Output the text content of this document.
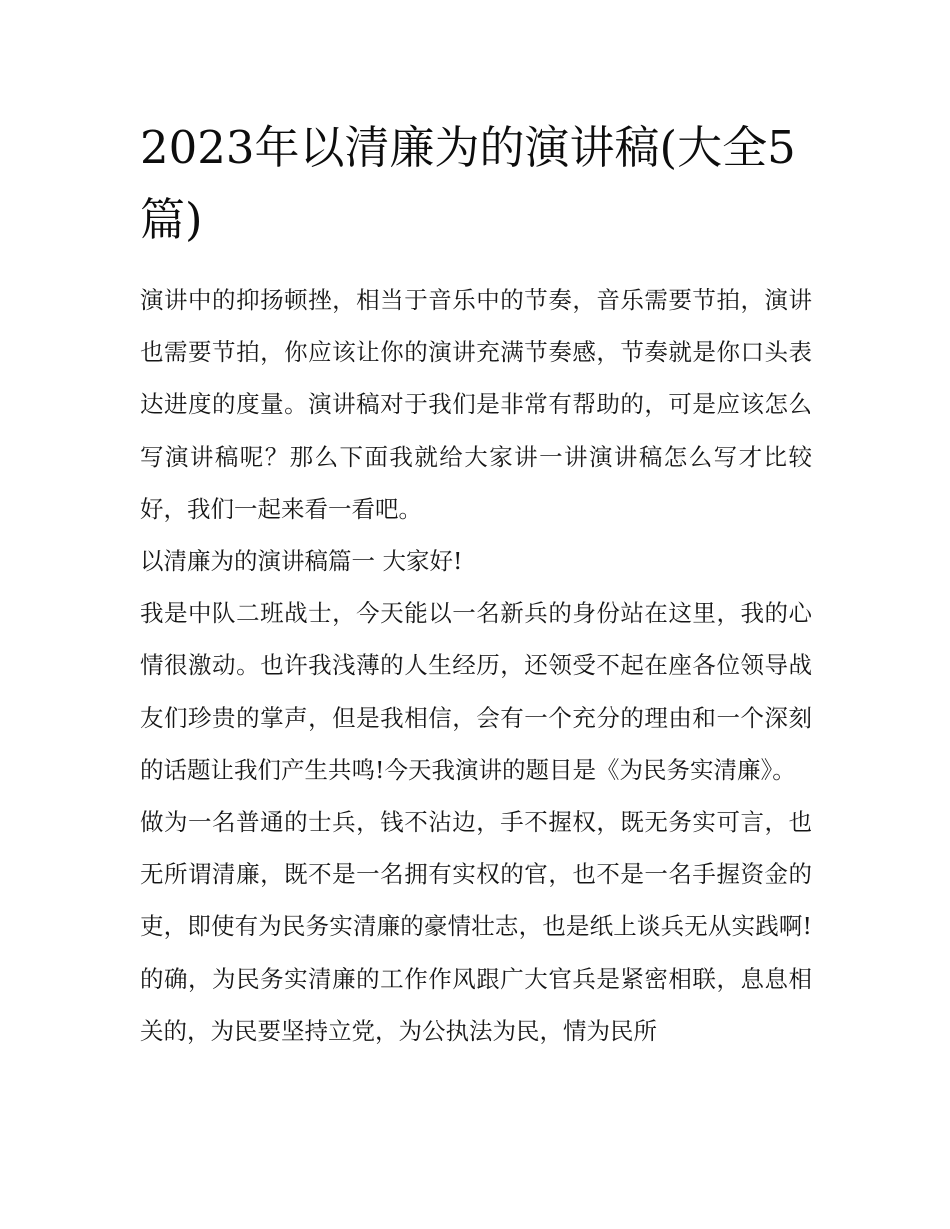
2023年以清廉为的演讲稿(大全5篇)

演讲中的抑扬顿挫，相当于音乐中的节奏，音乐需要节拍，演讲也需要节拍，你应该让你的演讲充满节奏感，节奏就是你口头表达进度的度量。演讲稿对于我们是非常有帮助的，可是应该怎么写演讲稿呢？那么下面我就给大家讲一讲演讲稿怎么写才比较好，我们一起来看一看吧。

以清廉为的演讲稿篇一 大家好!

我是中队二班战士，今天能以一名新兵的身份站在这里，我的心情很激动。也许我浅薄的人生经历，还领受不起在座各位领导战友们珍贵的掌声，但是我相信，会有一个充分的理由和一个深刻的话题让我们产生共鸣!今天我演讲的题目是《为民务实清廉》。

做为一名普通的士兵，钱不沾边，手不握权，既无务实可言，也无所谓清廉，既不是一名拥有实权的官，也不是一名手握资金的吏，即使有为民务实清廉的豪情壮志，也是纸上谈兵无从实践啊!的确，为民务实清廉的工作作风跟广大官兵是紧密相联，息息相关的，为民要坚持立党，为公执法为民，情为民所
